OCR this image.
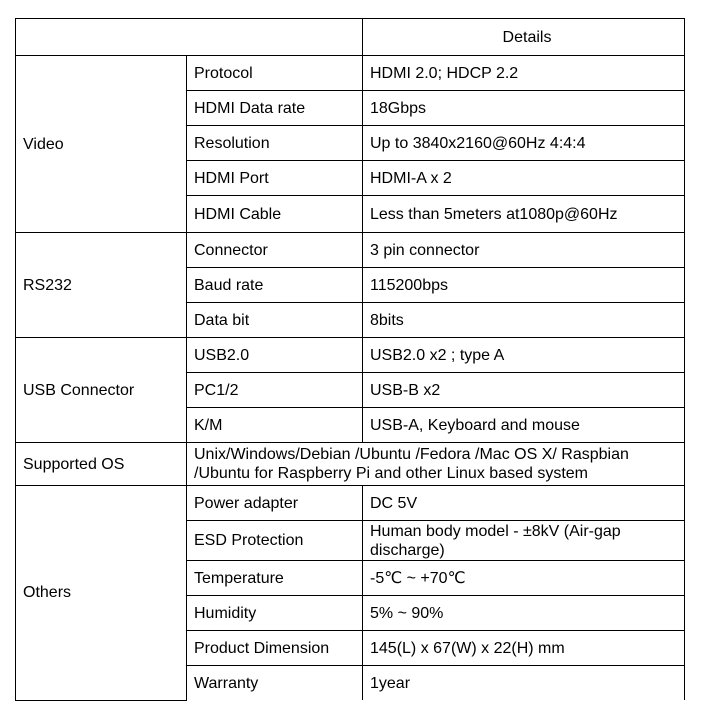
		Details
Video	Protocol	HDMI 2.0; HDCP 2.2
	HDMI Data rate	18Gbps
	Resolution	Up to 3840x2160@60Hz 4:4:4
	HDMI Port	HDMI-A x 2
	HDMI Cable	Less than 5meters at1080p@60Hz
RS232	Connector	3 pin connector
	Baud rate	115200bps
	Data bit	8bits
USB Connector	USB2.0	USB2.0 x2 ; type A
	PC1/2	USB-B x2
	K/M	USB-A, Keyboard and mouse
Supported OS	Unix/Windows/Debian /Ubuntu /Fedora /Mac OS X/ Raspbian /Ubuntu for Raspberry Pi and other Linux based system	
Others	Power adapter	DC 5V
	ESD Protection	Human body model - ±8kV (Air-gap discharge)
	Temperature	-5℃ ~ +70℃
	Humidity	5% ~ 90%
	Product Dimension	145(L) x 67(W) x 22(H) mm
	Warranty	1year
